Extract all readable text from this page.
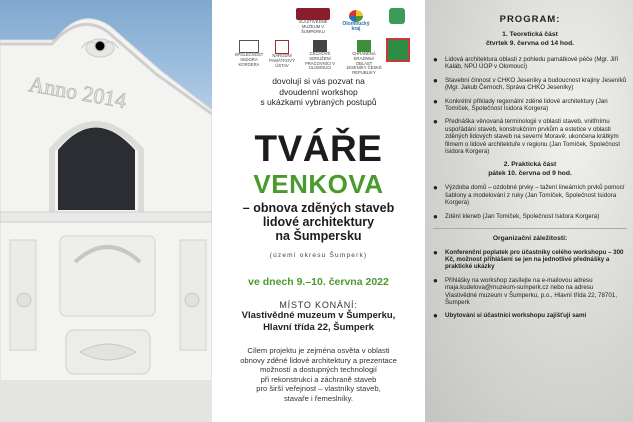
Anno 2014
VLASTIVĚDNÉ MUZEUM V ŠUMPERKU
SPOLEČNOST ISIDORA KORGERA
Olomoucký kraj
NÁRODNÍ PAMÁTKOVÝ ÚSTAV
CECHOVÉ SDRUŽENÍ PRACOVNÍCI V OLOMOUCI
CHRÁNĚNÁ KRAJINNÁ OBLAST JESENÍKY ČESKÉ REPUBLIKY
dovolují si vás pozvat na
dvoudenní workshop
s ukázkami vybraných postupů
TVÁŘE
VENKOVA
– obnova zděných staveb
lidové architektury
na Šumpersku
(území okresu Šumperk)
ve dnech 9.–10. června 2022
MÍSTO KONÁNÍ:
Vlastivědné muzeum v Šumperku,
Hlavní třída 22, Šumperk
Cílem projektu je zejména osvěta v oblasti
obnovy zděné lidové architektury a prezentace
možností a dostupných technologií
při rekonstrukci a záchraně staveb
pro širší veřejnost – vlastníky staveb,
stavaře i řemeslníky.
PROGRAM:
1. Teoretická část
čtvrtek 9. června od 14 hod.
● Lidová architektura oblasti z pohledu památkové péče (Mgr. Jiří Kaláb, NPÚ ÚOP v Olomouci)
● Stavební činnost v CHKO Jeseníky a budoucnost krajiny Jeseníků (Mgr. Jakub Černoch, Správa CHKO Jeseníky)
● Konkrétní příklady regionální zděné lidové architektury (Jan Tomíček, Společnost Isidora Korgera)
● Přednáška věnovaná terminologii v oblasti staveb, vnitřnímu uspořádání staveb, konstrukčním prvkům a estetice v oblasti zděných lidových staveb na severní Moravě; ukončena krátkým filmem o lidové architektuře v regionu (Jan Tomíček, Společnost Isidora Korgera)
2. Praktická část
pátek 10. června od 9 hod.
● Výzdoba domů – ozdobné prvky – tažení lineárních prvků pomocí šablony a modelování z ruky (Jan Tomíček, Společnost Isidora Korgera)
● Zdění kleneb (Jan Tomíček, Společnost Isidora Korgera)
Organizační záležitosti:
● Konferenční poplatek pro účastníky celého workshopu – 300 Kč, možnost přihlášení se jen na jednotlivé přednášky a praktické ukázky
● Přihlášky na workshop zasílejte na e-mailovou adresu maja.kudelova@muzeum-sumperk.cz nebo na adresu Vlastivědné muzeum v Šumperku, p.o., Hlavní třída 22, 78701, Šumperk
● Ubytování si účastníci workshopu zajišťují sami
